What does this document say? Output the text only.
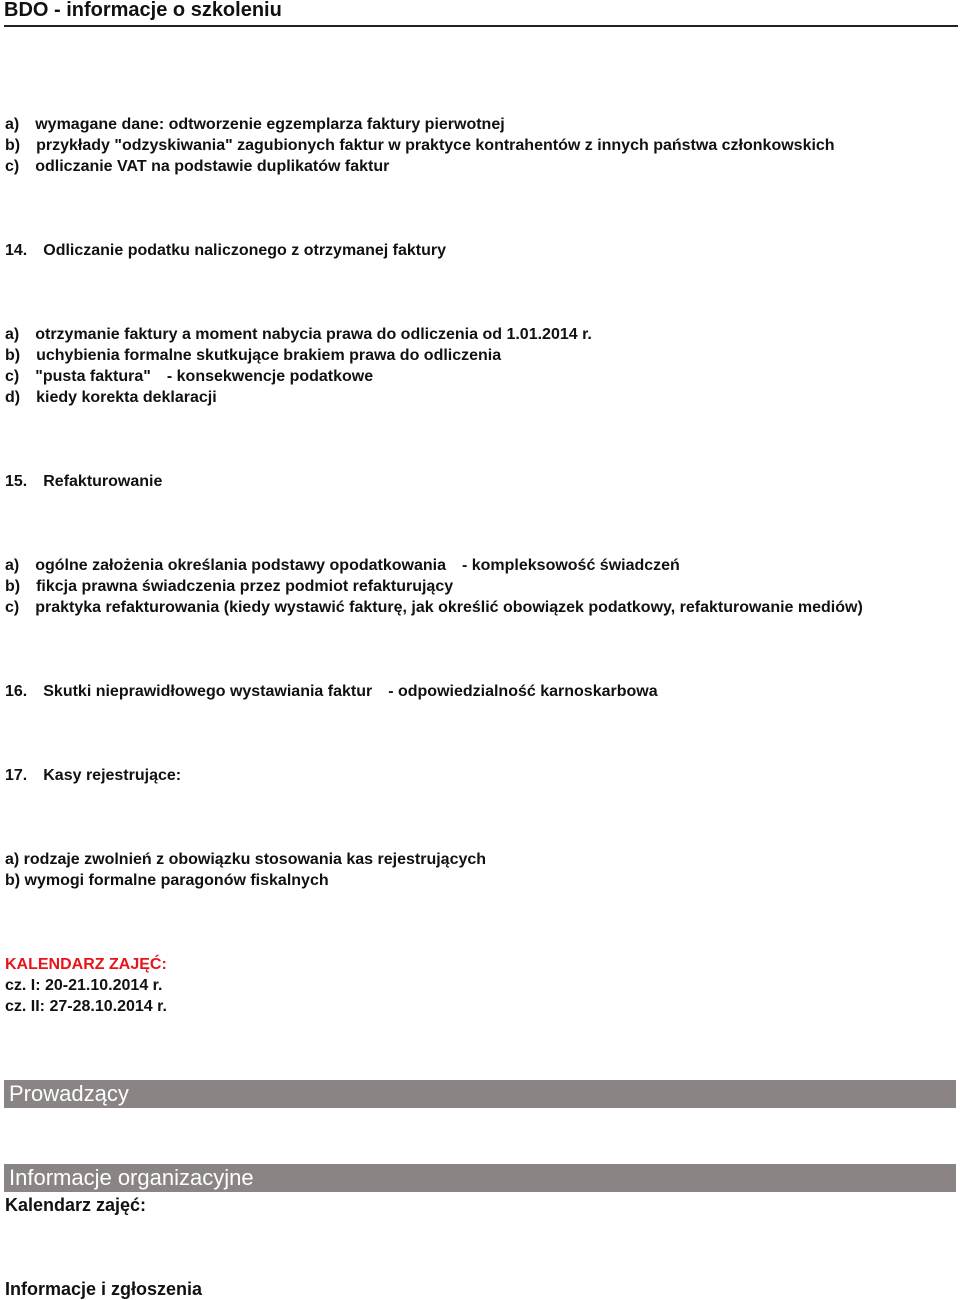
BDO - informacje o szkoleniu
a) wymagane dane: odtworzenie egzemplarza faktury pierwotnej
b) przykłady "odzyskiwania" zagubionych faktur w praktyce kontrahentów z innych państwa członkowskich
c) odliczanie VAT na podstawie duplikatów faktur
14. Odliczanie podatku naliczonego z otrzymanej faktury
a) otrzymanie faktury a moment nabycia prawa do odliczenia od 1.01.2014 r.
b) uchybienia formalne skutkujące brakiem prawa do odliczenia
c) "pusta faktura" - konsekwencje podatkowe
d) kiedy korekta deklaracji
15. Refakturowanie
a) ogólne założenia określania podstawy opodatkowania - kompleksowość świadczeń
b) fikcja prawna świadczenia przez podmiot refakturujący
c) praktyka refakturowania (kiedy wystawić fakturę, jak określić obowiązek podatkowy, refakturowanie mediów)
16. Skutki nieprawidłowego wystawiania faktur - odpowiedzialność karnoskarbowa
17. Kasy rejestrujące:
a) rodzaje zwolnień z obowiązku stosowania kas rejestrujących
b) wymogi formalne paragonów fiskalnych
KALENDARZ ZAJĘĆ:
cz. I: 20-21.10.2014 r.
cz. II: 27-28.10.2014 r.
Prowadzący
Informacje organizacyjne
Kalendarz zajęć:
Informacje i zgłoszenia
